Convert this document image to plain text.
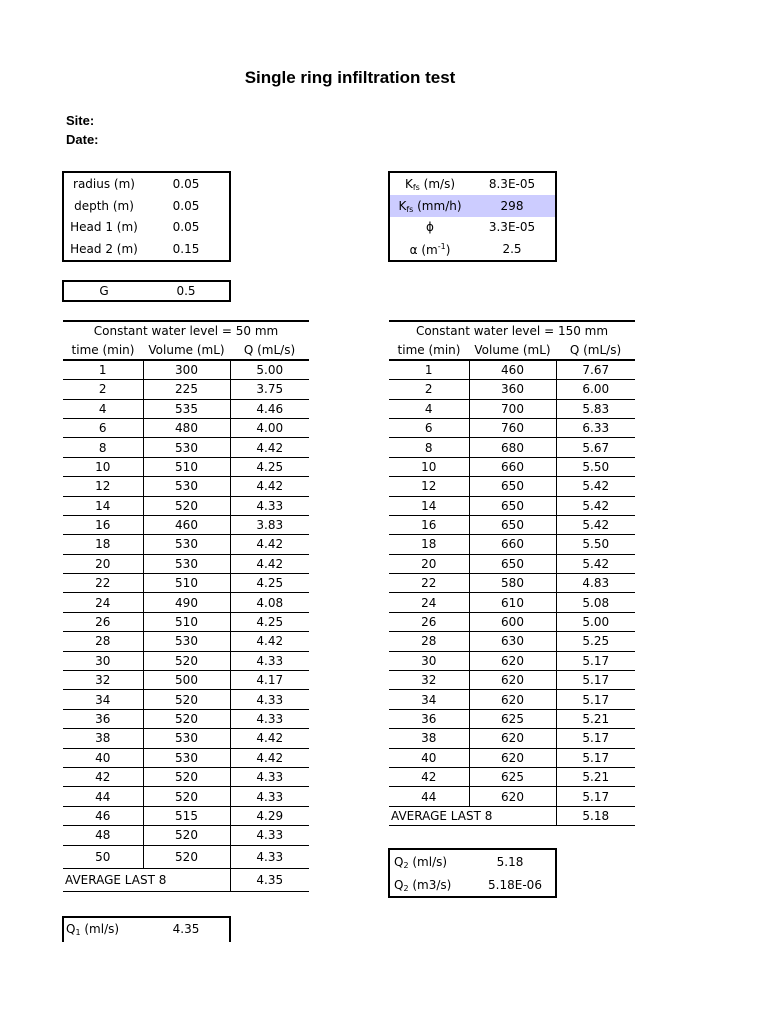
Single ring infiltration test
Site:
Date:
radius (m)	0.05
depth (m)	0.05
Head 1 (m)	0.05
Head 2 (m)	0.15
$K_{fs}$ (m/s)	8.3E-05
$K_{fs}$ (mm/h)	298
ϕ	3.3E-05
α $(m^{-1})$	2.5
G	0.5
Constant water level = 50 mm		
time (min)	Volume (mL)	Q (mL/s)
1	300	5.00
2	225	3.75
4	535	4.46
6	480	4.00
8	530	4.42
10	510	4.25
12	530	4.42
14	520	4.33
16	460	3.83
18	530	4.42
20	530	4.42
22	510	4.25
24	490	4.08
26	510	4.25
28	530	4.42
30	520	4.33
32	500	4.17
34	520	4.33
36	520	4.33
38	530	4.42
40	530	4.42
42	520	4.33
44	520	4.33
46	515	4.29
48	520	4.33
50	520	4.33
AVERAGE LAST 8		4.35
Constant water level = 150 mm		
time (min)	Volume (mL)	Q (mL/s)
1	460	7.67
2	360	6.00
4	700	5.83
6	760	6.33
8	680	5.67
10	660	5.50
12	650	5.42
14	650	5.42
16	650	5.42
18	660	5.50
20	650	5.42
22	580	4.83
24	610	5.08
26	600	5.00
28	630	5.25
30	620	5.17
32	620	5.17
34	620	5.17
36	625	5.21
38	620	5.17
40	620	5.17
42	625	5.21
44	620	5.17
AVERAGE LAST 8		5.18
$Q_2$ (ml/s)	5.18
$Q_2$ (m3/s)	5.18E-06
$Q_1$ (ml/s)	4.35
